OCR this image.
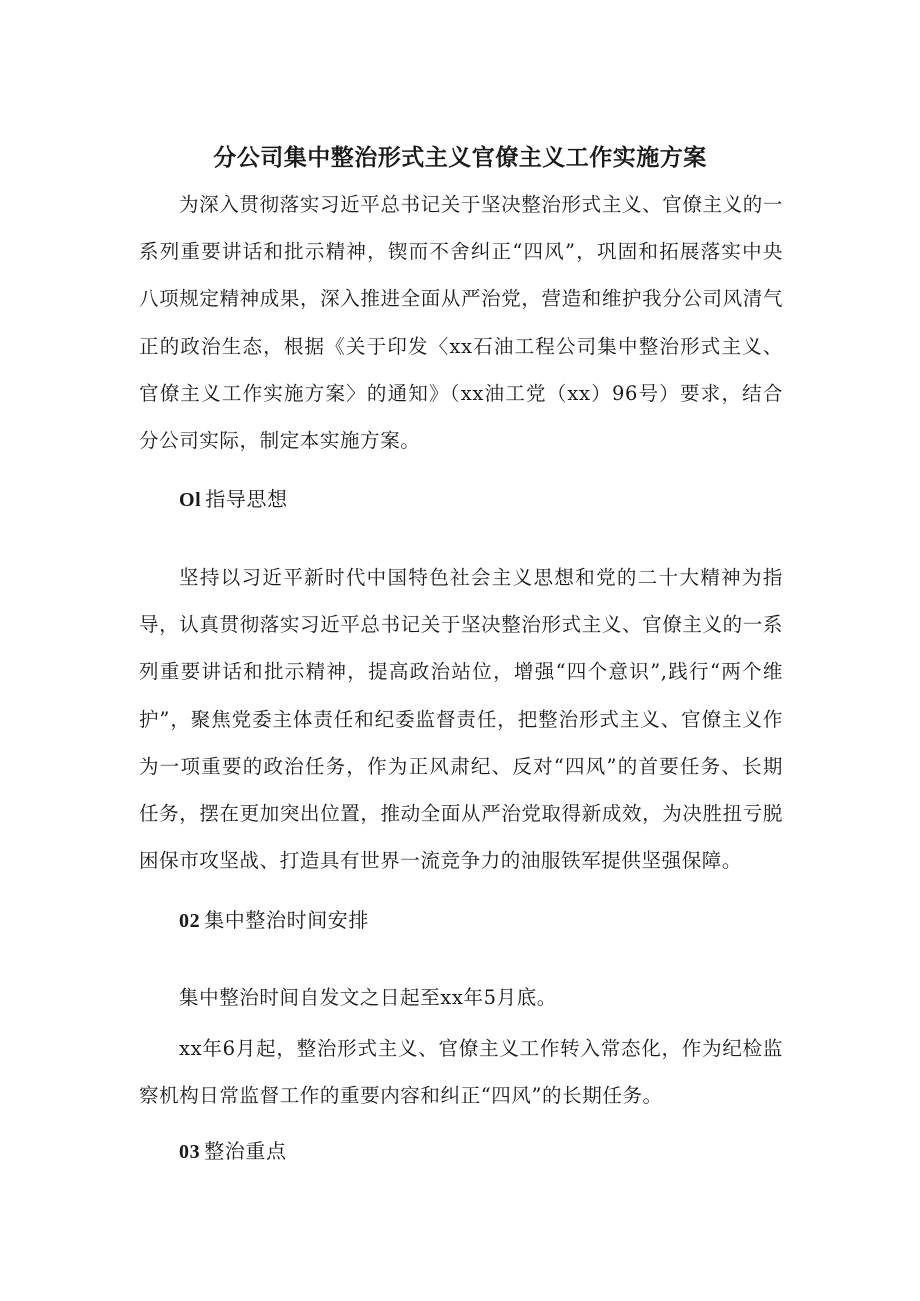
分公司集中整治形式主义官僚主义工作实施方案

为深入贯彻落实习近平总书记关于坚决整治形式主义、官僚主义的一系列重要讲话和批示精神，锲而不舍纠正“四风”，巩固和拓展落实中央八项规定精神成果，深入推进全面从严治党，营造和维护我分公司风清气正的政治生态，根据《关于印发〈xx石油工程公司集中整治形式主义、官僚主义工作实施方案〉的通知》（xx油工党（xx）96号）要求，结合分公司实际，制定本实施方案。

Ol 指导思想

坚持以习近平新时代中国特色社会主义思想和党的二十大精神为指导，认真贯彻落实习近平总书记关于坚决整治形式主义、官僚主义的一系列重要讲话和批示精神，提高政治站位，增强“四个意识”,践行“两个维护”，聚焦党委主体责任和纪委监督责任，把整治形式主义、官僚主义作为一项重要的政治任务，作为正风肃纪、反对“四风”的首要任务、长期任务，摆在更加突出位置，推动全面从严治党取得新成效，为决胜扭亏脱困保市攻坚战、打造具有世界一流竞争力的油服铁军提供坚强保障。

02 集中整治时间安排

集中整治时间自发文之日起至xx年5月底。

xx年6月起，整治形式主义、官僚主义工作转入常态化，作为纪检监察机构日常监督工作的重要内容和纠正“四风”的长期任务。

03 整治重点
